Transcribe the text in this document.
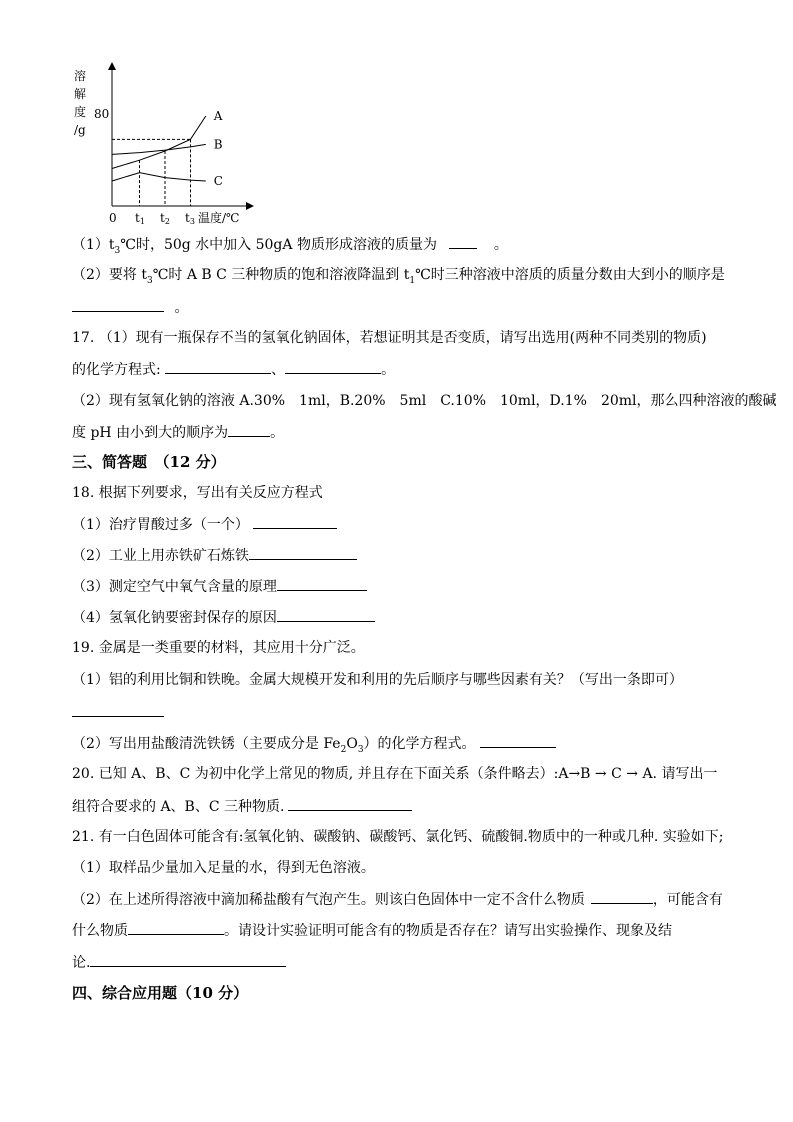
溶
解
度
/g
0 t1 t2 t3 温度/℃
80	A
B
C
$(1)t_3℃$时，50g 水中加入 50gA 物质形成溶液的质量为	。
（2）要将 $t_3℃$时 A B C 三种物质的饱和溶液降温到 $t_1℃$时三种溶液中溶质的质量分数由大到小的顺序是
。
17. （1）现有一瓶保存不当的氢氧化钠固体，若想证明其是否变质，请写出选用(两种不同类别的物质)
的化学方程式:	、	。
（2）现有氢氧化钠的溶液 A.30%　1ml，B.20%　5ml　C.10%　10ml，D.1%　20ml，那么四种溶液的酸碱
度 pH 由小到大的顺序为	。
三、简答题　（12 分）
18. 根据下列要求，写出有关反应方程式
（1）治疗胃酸过多（一个）
（2）工业上用赤铁矿石炼铁
（3）测定空气中氧气含量的原理
（4）氢氧化钠要密封保存的原因
19. 金属是一类重要的材料，其应用十分广泛。
（1）铝的利用比铜和铁晚。金属大规模开发和利用的先后顺序与哪些因素有关？（写出一条即可）
（2）写出用盐酸清洗铁锈（主要成分是 $Fe_2O_3$）的化学方程式。
20. 已知 A、B、C 为初中化学上常见的物质, 并且存在下面关系（条件略去）:A→B → C → A. 请写出一
组符合要求的 A、B、C 三种物质.
21. 有一白色固体可能含有:氢氧化钠、碳酸钠、碳酸钙、氯化钙、硫酸铜.物质中的一种或几种. 实验如下;
（1）取样品少量加入足量的水，得到无色溶液。
（2）在上述所得溶液中滴加稀盐酸有气泡产生。则该白色固体中一定不含什么物质	，可能含有
什么物质	。请设计实验证明可能含有的物质是否存在？请写出实验操作、现象及结
论.
四、综合应用题（10 分）
